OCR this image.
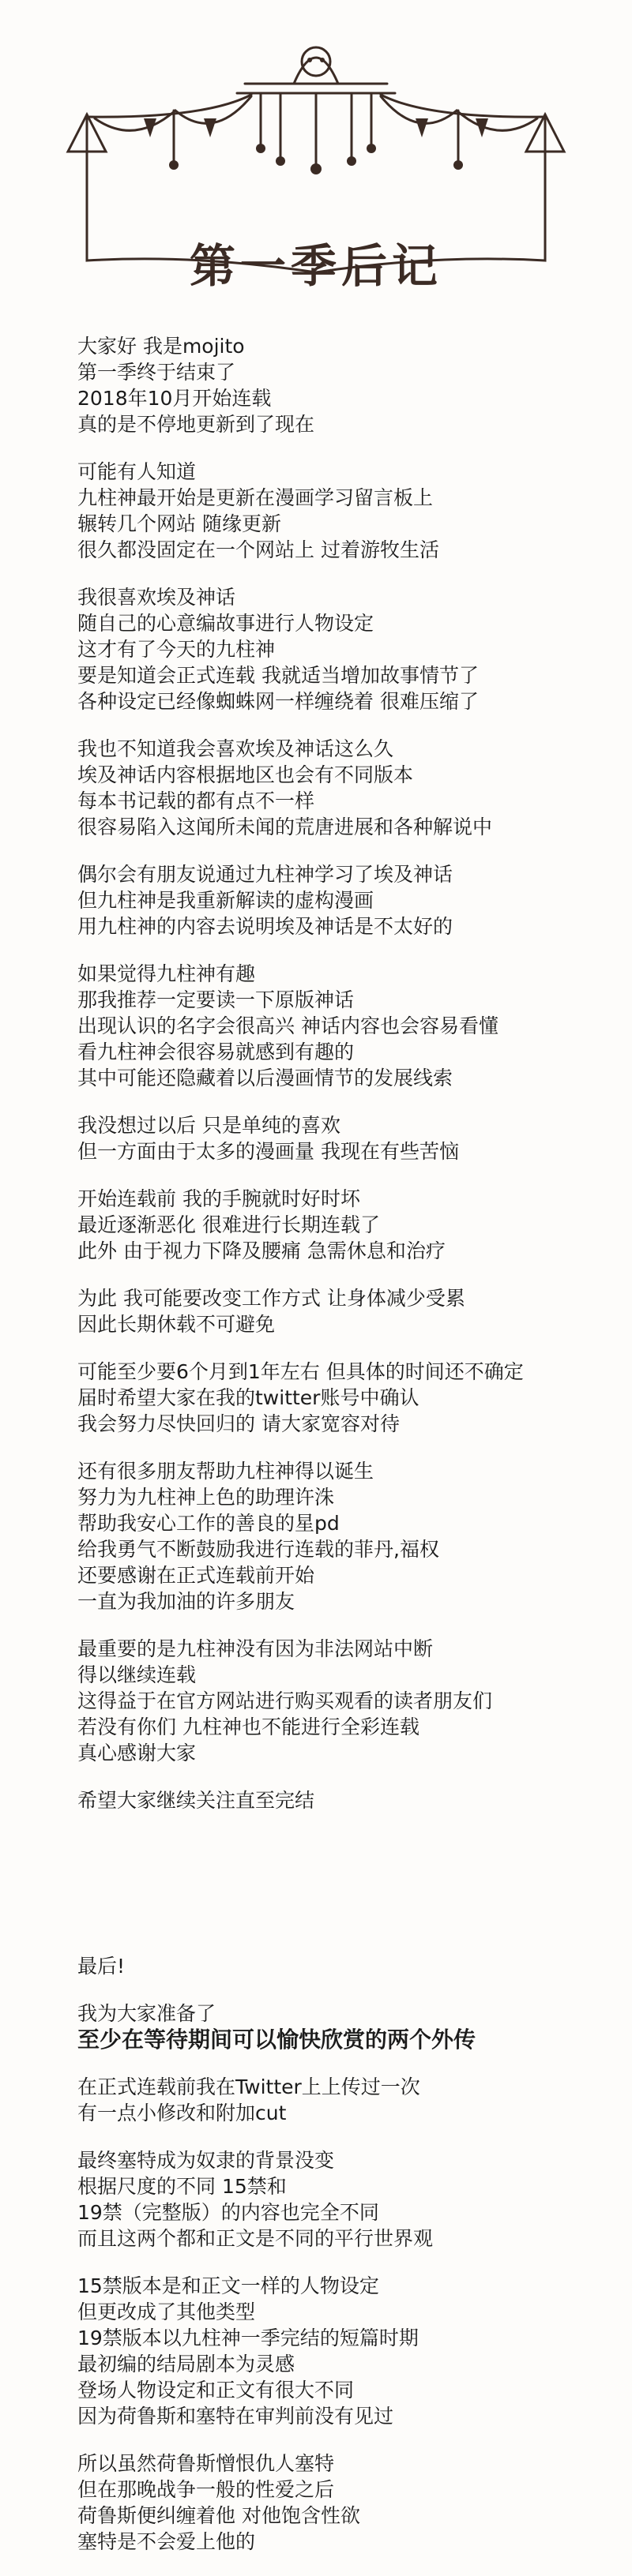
第一季后记
大家好 我是mojito
第一季终于结束了
2018年10月开始连载
真的是不停地更新到了现在
可能有人知道
九柱神最开始是更新在漫画学习留言板上
辗转几个网站 随缘更新
很久都没固定在一个网站上 过着游牧生活
我很喜欢埃及神话
随自己的心意编故事进行人物设定
这才有了今天的九柱神
要是知道会正式连载 我就适当增加故事情节了
各种设定已经像蜘蛛网一样缠绕着 很难压缩了
我也不知道我会喜欢埃及神话这么久
埃及神话内容根据地区也会有不同版本
每本书记载的都有点不一样
很容易陷入这闻所未闻的荒唐进展和各种解说中
偶尔会有朋友说通过九柱神学习了埃及神话
但九柱神是我重新解读的虚构漫画
用九柱神的内容去说明埃及神话是不太好的
如果觉得九柱神有趣
那我推荐一定要读一下原版神话
出现认识的名字会很高兴 神话内容也会容易看懂
看九柱神会很容易就感到有趣的
其中可能还隐藏着以后漫画情节的发展线索
我没想过以后 只是单纯的喜欢
但一方面由于太多的漫画量 我现在有些苦恼
开始连载前 我的手腕就时好时坏
最近逐渐恶化 很难进行长期连载了
此外 由于视力下降及腰痛 急需休息和治疗
为此 我可能要改变工作方式 让身体减少受累
因此长期休载不可避免
可能至少要6个月到1年左右 但具体的时间还不确定
届时希望大家在我的twitter账号中确认
我会努力尽快回归的 请大家宽容对待
还有很多朋友帮助九柱神得以诞生
努力为九柱神上色的助理许洙
帮助我安心工作的善良的星pd
给我勇气不断鼓励我进行连载的菲丹,福权
还要感谢在正式连载前开始
一直为我加油的许多朋友
最重要的是九柱神没有因为非法网站中断
得以继续连载
这得益于在官方网站进行购买观看的读者朋友们
若没有你们 九柱神也不能进行全彩连载
真心感谢大家
希望大家继续关注直至完结
最后!
我为大家准备了
至少在等待期间可以愉快欣赏的两个外传
在正式连载前我在Twitter上上传过一次
有一点小修改和附加cut
最终塞特成为奴隶的背景没变
根据尺度的不同 15禁和
19禁（完整版）的内容也完全不同
而且这两个都和正文是不同的平行世界观
15禁版本是和正文一样的人物设定
但更改成了其他类型
19禁版本以九柱神一季完结的短篇时期
最初编的结局剧本为灵感
登场人物设定和正文有很大不同
因为荷鲁斯和塞特在审判前没有见过
所以虽然荷鲁斯憎恨仇人塞特
但在那晚战争一般的性爱之后
荷鲁斯便纠缠着他 对他饱含性欲
塞特是不会爱上他的
